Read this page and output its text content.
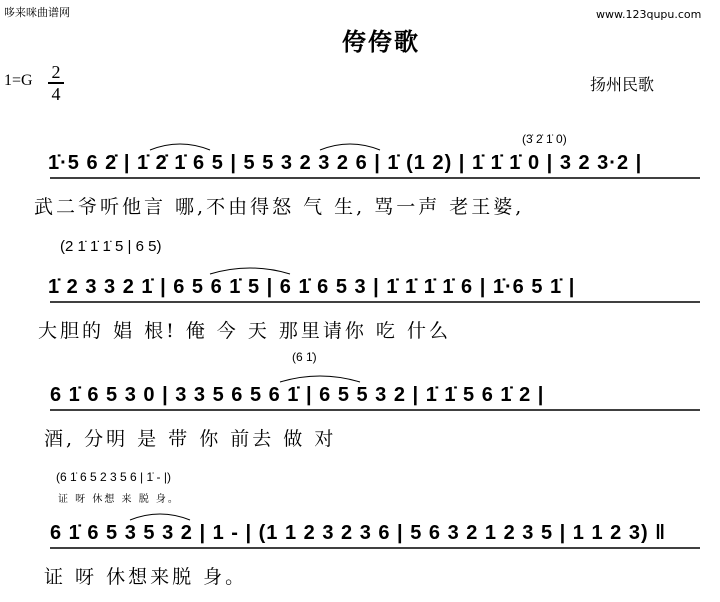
哆来咪曲谱网	www.123qupu.com
侉侉歌
1=G	2
4	扬州民歌
(3̇ 2̇ 1̇ 0)
1̇·5 6 2̇ | 1̇ 2̇ 1̇ 6 5 | 5 5 3 2 3 2 6 | 1̇ (1 2) | 1̇ 1̇ 1̇ 0 | 3 2 3·2 |
武二爷听他言 哪,不由得怒 气 生, 骂一声 老王婆,
(2 1̇ 1̇ 1̇ 5 | 6 5)
1̇ 2 3 3 2 1̇ | 6 5 6 1̇ 5 | 6 1̇ 6 5 3 | 1̇ 1̇ 1̇ 1̇ 6 | 1̇·6 5 1̇ |
大胆的 娼 根! 俺 今 天 那里请你 吃 什么
(6 1̇)
6 1̇ 6 5 3 0 | 3 3 5 6 5 6 1̇ | 6 5 5 3 2 | 1̇ 1̇ 5 6 1̇ 2 |
酒, 分明 是 带 你 前去 做 对
(6 1̇ 6 5 2 3 5 6 | 1̇ - |)
证 呀 休想 来 脱 身。
6 1̇ 6 5 3 5 3 2 | 1 - | (1 1 2 3 2 3 6 | 5 6 3 2 1 2 3 5 | 1 1 2 3) ‖
证 呀 休想来脱 身。
